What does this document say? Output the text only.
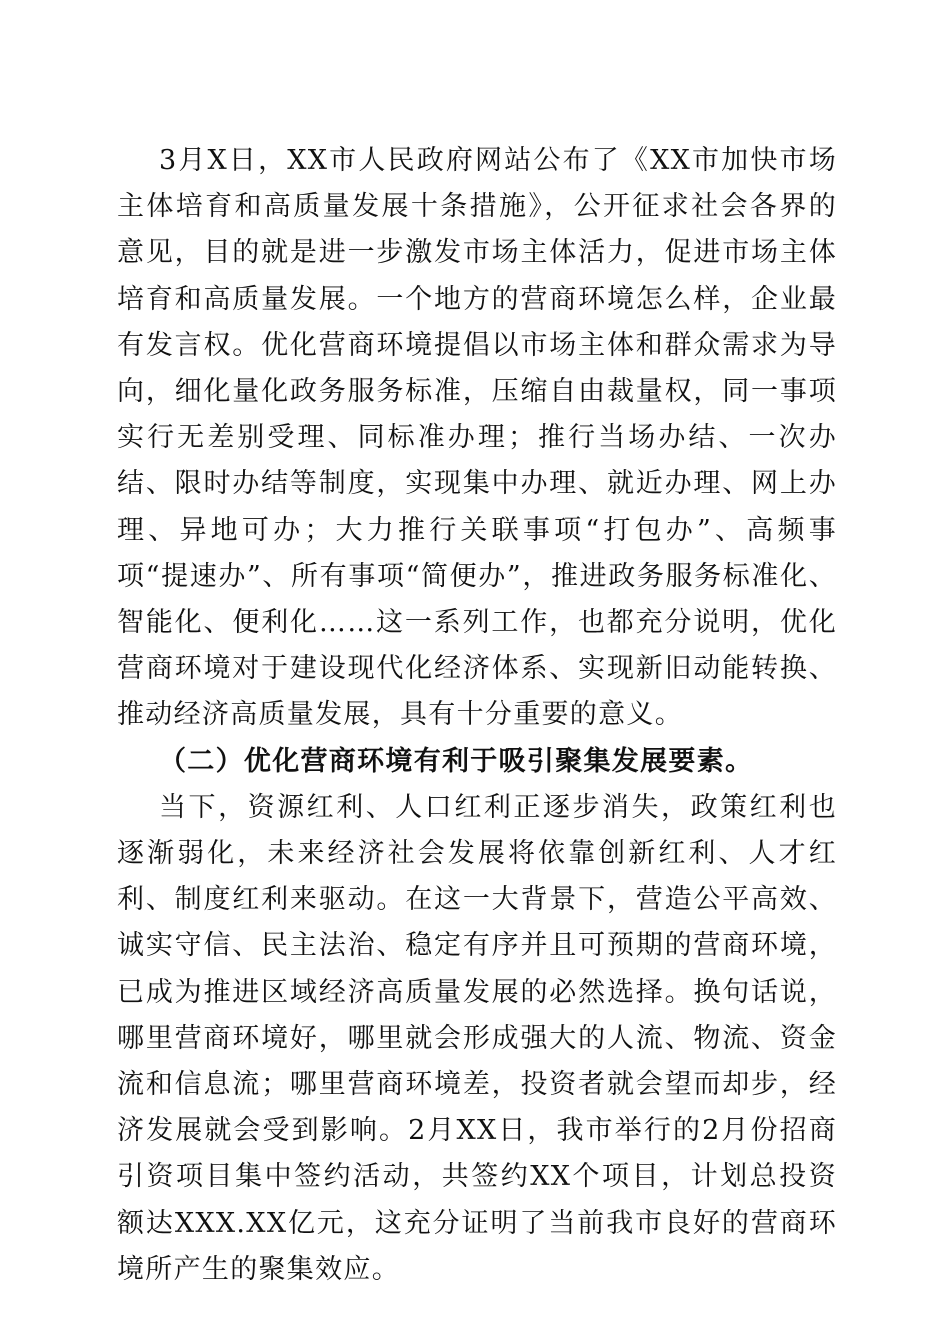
3月X日，XX市人民政府网站公布了《XX市加快市场主体培育和高质量发展十条措施》，公开征求社会各界的意见，目的就是进一步激发市场主体活力，促进市场主体培育和高质量发展。一个地方的营商环境怎么样，企业最有发言权。优化营商环境提倡以市场主体和群众需求为导向，细化量化政务服务标准，压缩自由裁量权，同一事项实行无差别受理、同标准办理；推行当场办结、一次办结、限时办结等制度，实现集中办理、就近办理、网上办理、异地可办；大力推行关联事项“打包办”、高频事项“提速办”、所有事项“简便办”，推进政务服务标准化、智能化、便利化……这一系列工作，也都充分说明，优化营商环境对于建设现代化经济体系、实现新旧动能转换、推动经济高质量发展，具有十分重要的意义。

（二）优化营商环境有利于吸引聚集发展要素。

当下，资源红利、人口红利正逐步消失，政策红利也逐渐弱化，未来经济社会发展将依靠创新红利、人才红利、制度红利来驱动。在这一大背景下，营造公平高效、诚实守信、民主法治、稳定有序并且可预期的营商环境，已成为推进区域经济高质量发展的必然选择。换句话说，哪里营商环境好，哪里就会形成强大的人流、物流、资金流和信息流；哪里营商环境差，投资者就会望而却步，经济发展就会受到影响。2月XX日，我市举行的2月份招商引资项目集中签约活动，共签约XX个项目，计划总投资额达XXX.XX亿元，这充分证明了当前我市良好的营商环境所产生的聚集效应。
